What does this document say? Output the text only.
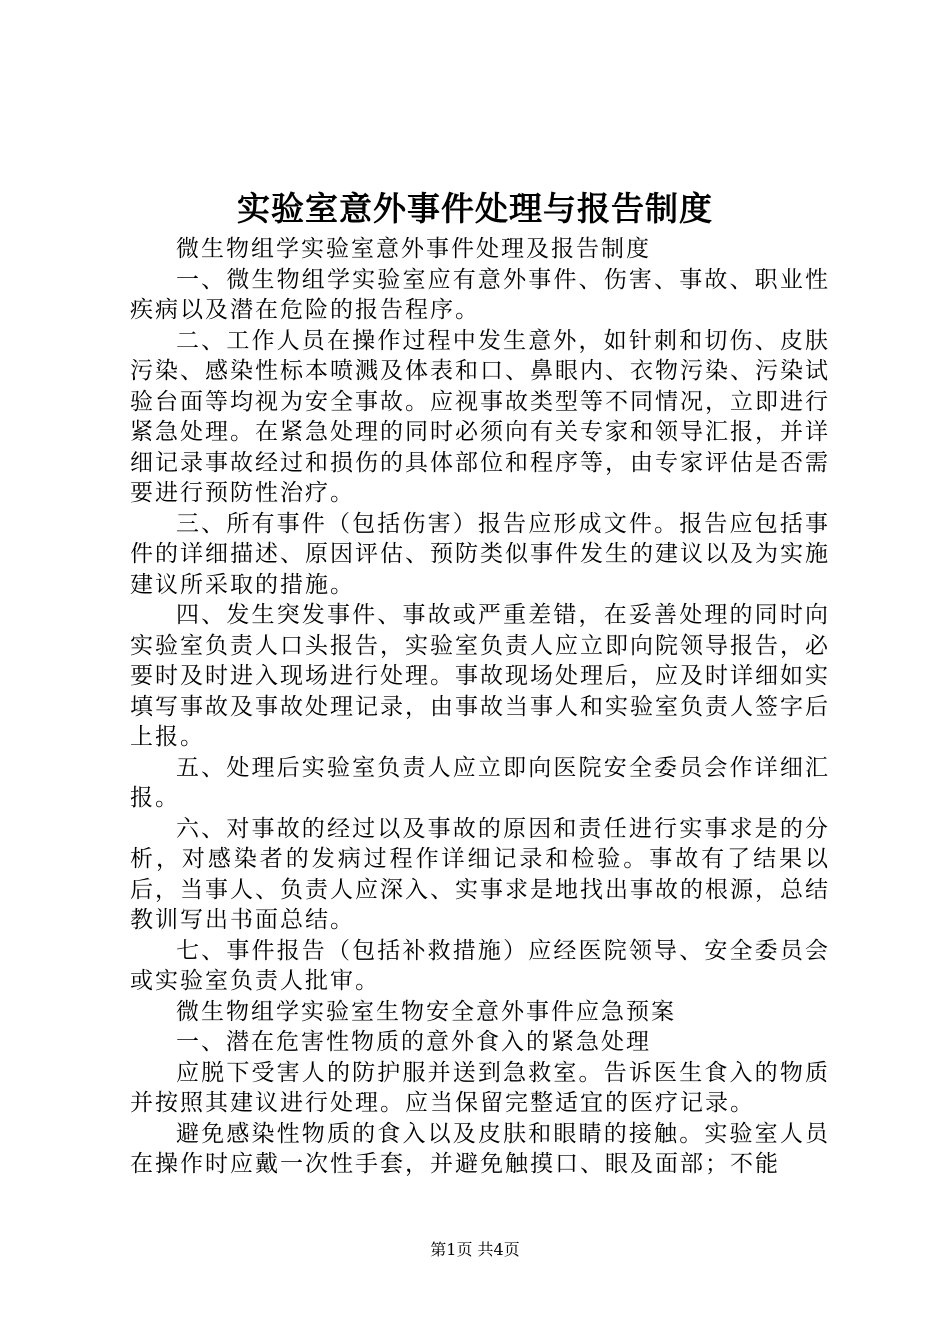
实验室意外事件处理与报告制度

微生物组学实验室意外事件处理及报告制度

一、微生物组学实验室应有意外事件、伤害、事故、职业性疾病以及潜在危险的报告程序。

二、工作人员在操作过程中发生意外，如针刺和切伤、皮肤污染、感染性标本喷溅及体表和口、鼻眼内、衣物污染、污染试验台面等均视为安全事故。应视事故类型等不同情况，立即进行紧急处理。在紧急处理的同时必须向有关专家和领导汇报，并详细记录事故经过和损伤的具体部位和程序等，由专家评估是否需要进行预防性治疗。

三、所有事件（包括伤害）报告应形成文件。报告应包括事件的详细描述、原因评估、预防类似事件发生的建议以及为实施建议所采取的措施。

四、发生突发事件、事故或严重差错，在妥善处理的同时向实验室负责人口头报告，实验室负责人应立即向院领导报告，必要时及时进入现场进行处理。事故现场处理后，应及时详细如实填写事故及事故处理记录，由事故当事人和实验室负责人签字后上报。

五、处理后实验室负责人应立即向医院安全委员会作详细汇报。

六、对事故的经过以及事故的原因和责任进行实事求是的分析，对感染者的发病过程作详细记录和检验。事故有了结果以后，当事人、负责人应深入、实事求是地找出事故的根源，总结教训写出书面总结。

七、事件报告（包括补救措施）应经医院领导、安全委员会或实验室负责人批审。

微生物组学实验室生物安全意外事件应急预案

一、潜在危害性物质的意外食入的紧急处理

应脱下受害人的防护服并送到急救室。告诉医生食入的物质并按照其建议进行处理。应当保留完整适宜的医疗记录。

避免感染性物质的食入以及皮肤和眼睛的接触。实验室人员在操作时应戴一次性手套，并避免触摸口、眼及面部；不能

第1页 共4页
